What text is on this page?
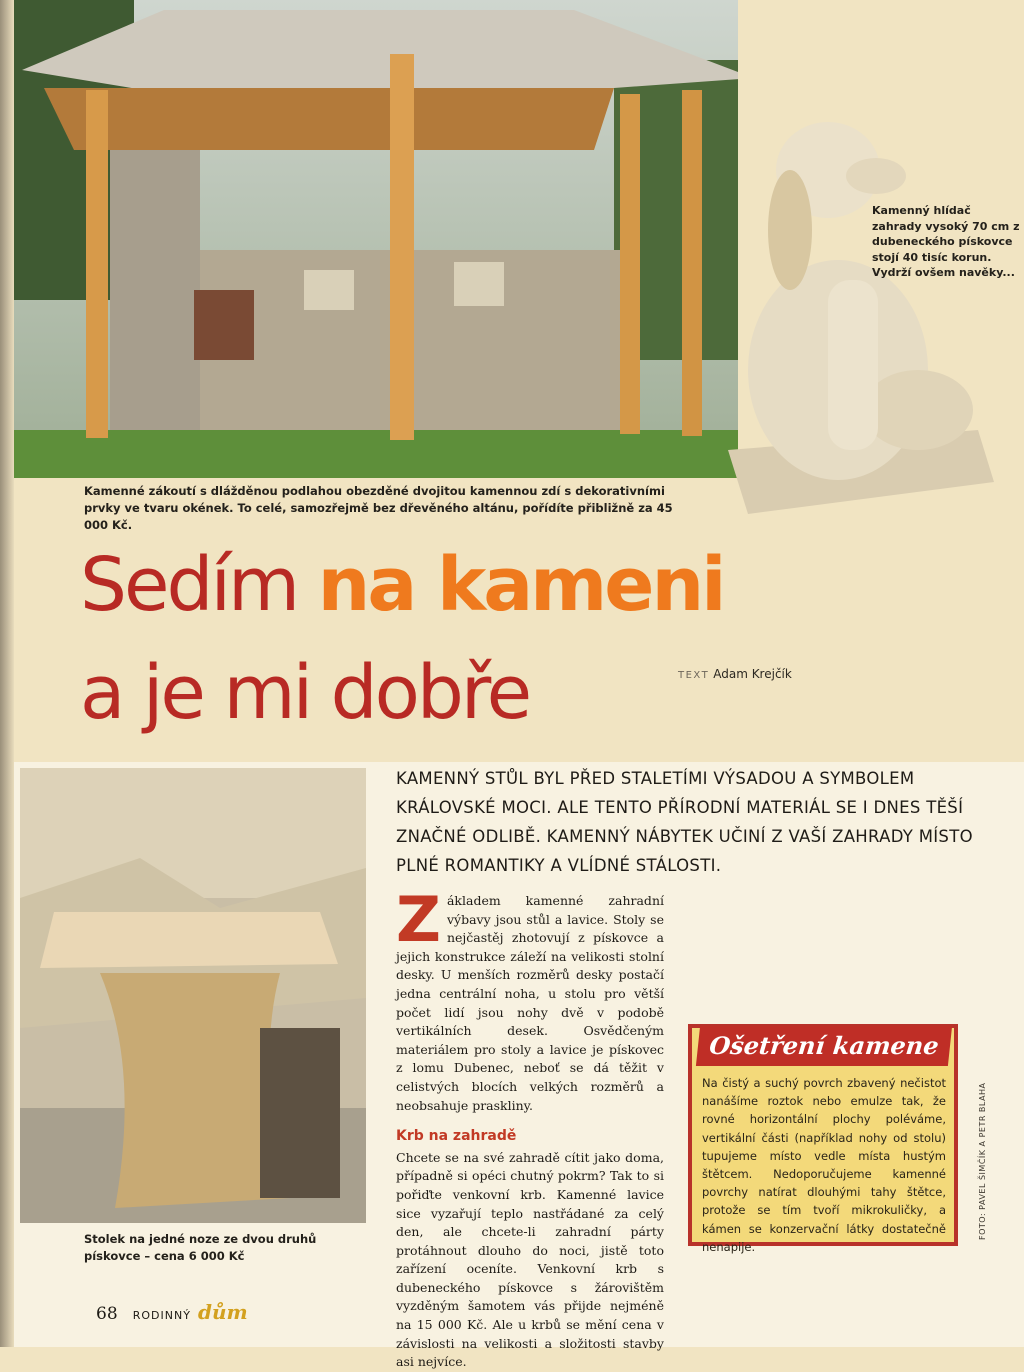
Kamenné zákoutí s dlážděnou podlahou obezděné dvojitou kamennou zdí s dekorativními prvky ve tvaru okének. To celé, samozřejmě bez dřevěného altánu, pořídíte přibližně za 45 000 Kč.
Kamenný hlídač zahrady vysoký 70 cm z dubeneckého pískovce stojí 40 tisíc korun. Vydrží ovšem navěky...
Sedím na kameni
a je mi dobře	TEXT Adam Krejčík
Stolek na jedné noze ze dvou druhů pískovce – cena 6 000 Kč
KAMENNÝ STŮL BYL PŘED STALETÍMI VÝSADOU A SYMBOLEM KRÁLOVSKÉ MOCI. ALE TENTO PŘÍRODNÍ MATERIÁL SE I DNES TĚŠÍ ZNAČNÉ ODLIBĚ. KAMENNÝ NÁBYTEK UČINÍ Z VAŠÍ ZAHRADY MÍSTO PLNÉ ROMANTIKY A VLÍDNÉ STÁLOSTI.
Základem kamenné zahradní výbavy jsou stůl a lavice. Stoly se nejčastěj zhotovují z pískovce a jejich konstrukce záleží na velikosti stolní desky. U menších rozměrů desky postačí jedna centrální noha, u stolu pro větší počet lidí jsou nohy dvě v podobě vertikálních desek. Osvědčeným materiálem pro stoly a lavice je pískovec z lomu Dubenec, neboť se dá těžit v celistvých blocích velkých rozměrů a neobsahuje praskliny.
Krb na zahradě
Chcete se na své zahradě cítit jako doma, případně si opéci chutný pokrm? Tak to si pořiďte venkovní krb. Kamenné lavice sice vyzařují teplo nastřádané za celý den, ale chcete-li zahradní párty protáhnout dlouho do noci, jistě toto zařízení oceníte. Venkovní krb s dubeneckého pískovce s žárovištěm vyzděným šamotem vás přijde nejméně na 15 000 Kč. Ale u krbů se mění cena v závislosti na velikosti a složitosti stavby asi nejvíce.
Ošetření kamene
Na čistý a suchý povrch zbavený nečistot nanášíme roztok nebo emulze tak, že rovné horizontální plochy poléváme, vertikální části (například nohy od stolu) tupujeme místo vedle místa hustým štětcem. Nedoporučujeme kamenné povrchy natírat dlouhými tahy štětce, protože se tím tvoří mikrokuličky, a kámen se konzervační látky dostatečně nenapije.
FOTO: PAVEL ŠIMČÍK A PETR BLAHA
68 RODINNÝ dům
